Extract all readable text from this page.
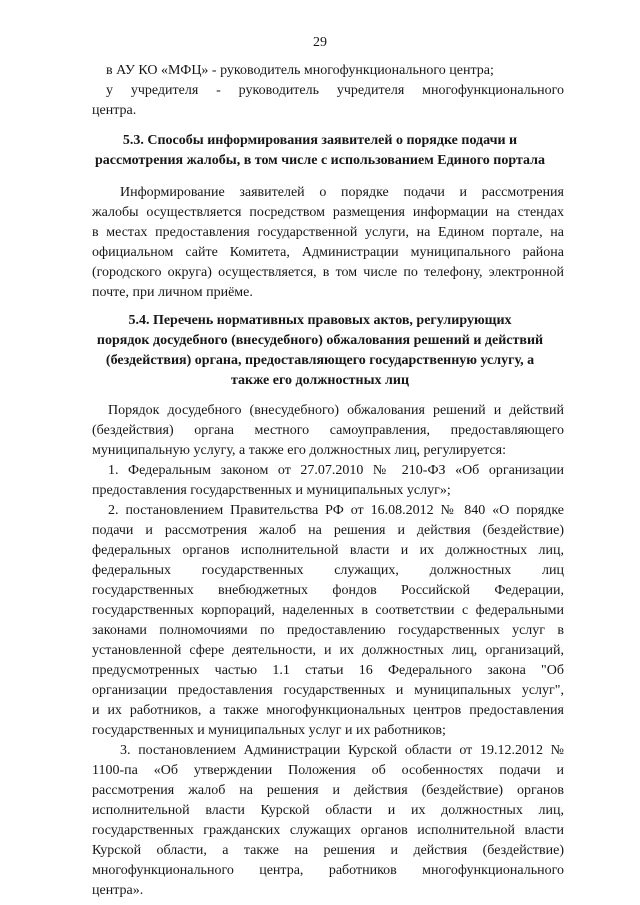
29
в АУ КО «МФЦ» - руководитель многофункционального центра;
у учредителя - руководитель учредителя многофункционального
центра.
5.3. Способы информирования заявителей о порядке подачи и
рассмотрения жалобы, в том числе с использованием Единого портала
Информирование заявителей о порядке подачи и рассмотрения
жалобы осуществляется посредством размещения информации на стендах
в местах предоставления государственной услуги, на Едином портале, на
официальном сайте Комитета, Администрации муниципального района
(городского округа) осуществляется, в том числе по телефону, электронной
почте, при личном приёме.
5.4. Перечень нормативных правовых актов, регулирующих
порядок досудебного (внесудебного) обжалования решений и действий
(бездействия) органа, предоставляющего государственную услугу, а
также его должностных лиц
Порядок досудебного (внесудебного) обжалования решений и действий
(бездействия) органа местного самоуправления, предоставляющего
муниципальную услугу, а также его должностных лиц, регулируется:
1. Федеральным законом от 27.07.2010 № 210-ФЗ «Об организации
предоставления государственных и муниципальных услуг»;
2. постановлением Правительства РФ от 16.08.2012 № 840 «О порядке
подачи и рассмотрения жалоб на решения и действия (бездействие)
федеральных органов исполнительной власти и их должностных лиц,
федеральных государственных служащих, должностных лиц
государственных внебюджетных фондов Российской Федерации,
государственных корпораций, наделенных в соответствии с федеральными
законами полномочиями по предоставлению государственных услуг в
установленной сфере деятельности, и их должностных лиц, организаций,
предусмотренных частью 1.1 статьи 16 Федерального закона "Об
организации предоставления государственных и муниципальных услуг",
и их работников, а также многофункциональных центров предоставления
государственных и муниципальных услуг и их работников;
3. постановлением Администрации Курской области от 19.12.2012 №
1100-па «Об утверждении Положения об особенностях подачи и
рассмотрения жалоб на решения и действия (бездействие) органов
исполнительной власти Курской области и их должностных лиц,
государственных гражданских служащих органов исполнительной власти
Курской области, а также на решения и действия (бездействие)
многофункционального центра, работников многофункционального
центра».
